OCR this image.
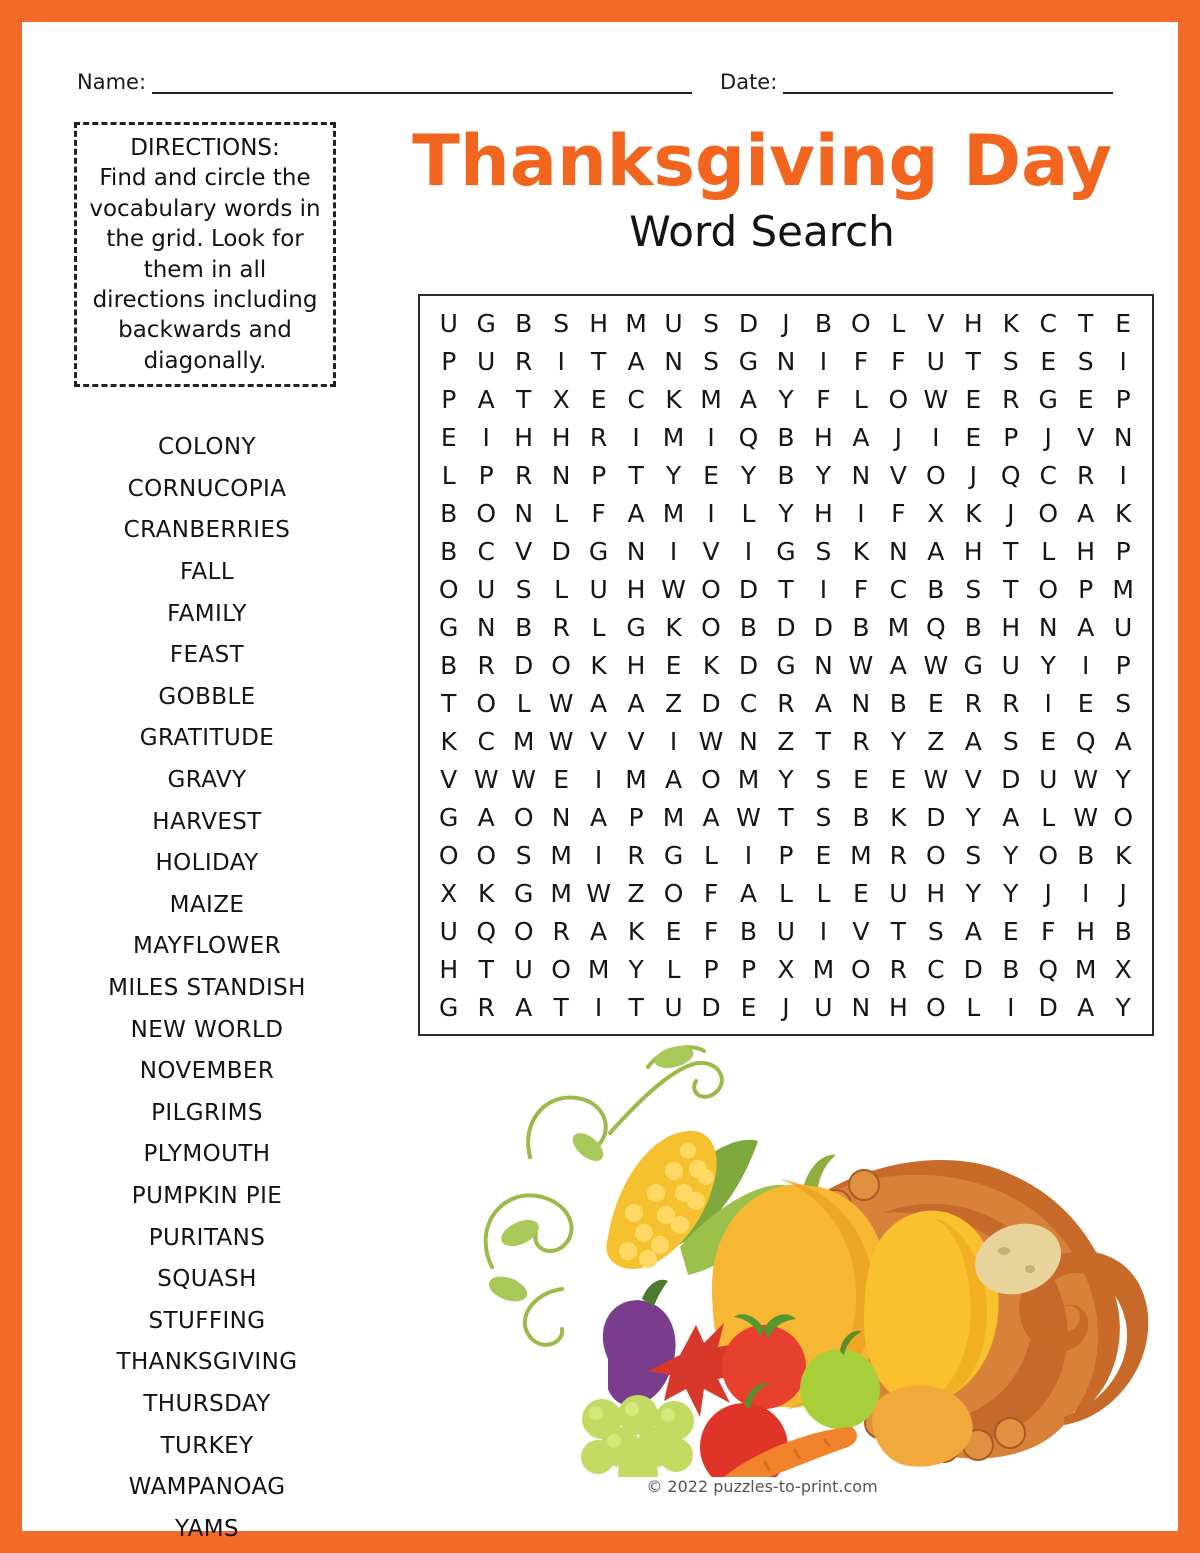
Name:	Date:
DIRECTIONS:
Find and circle the vocabulary words in the grid. Look for them in all directions including backwards and diagonally.
COLONY
CORNUCOPIA
CRANBERRIES
FALL
FAMILY
FEAST
GOBBLE
GRATITUDE
GRAVY
HARVEST
HOLIDAY
MAIZE
MAYFLOWER
MILES STANDISH
NEW WORLD
NOVEMBER
PILGRIMS
PLYMOUTH
PUMPKIN PIE
PURITANS
SQUASH
STUFFING
THANKSGIVING
THURSDAY
TURKEY
WAMPANOAG
YAMS
Thanksgiving Day
Word Search
U G B S H M U S D J	B O L V H K C T E
P U R	I	T A N S G N I	F F U T S E S	I
P A T X E C K M A Y F L O W E R G E P
E	I H H R	I M I Q B H A	J	I	E P	J	V N
L P R N P T Y E Y B Y N V O J Q C R	I
B O N L F A M I	L Y H I	F X K	J O A K
B C V D G N I	V	I G S K N A H T L H P
O U S L U H W O D T	I	F C B S T O P M
G N B R L G K O B D D B M Q B H N A U
B R D O K H E K D G N W A W G U Y	I	P
T O L W A A Z D C R A N B E R R	I	E S
K C M W V V	I W N Z T R Y Z A S E Q A
V W W E	I M A O M Y S E E W V D U W Y
G A O N A P M A W T S B K D Y A L W O
O O S M I	R G L	I	P E M R O S Y O B K
X K G M W Z O F A L L E U H Y Y	J	I	J
U Q O R A K E F B U I	V T S A E F H B
H T U O M Y L P P X M O R C D B Q M X
G R A T	I	T U D E	J U N H O L	I D A Y
© 2022 puzzles-to-print.com
